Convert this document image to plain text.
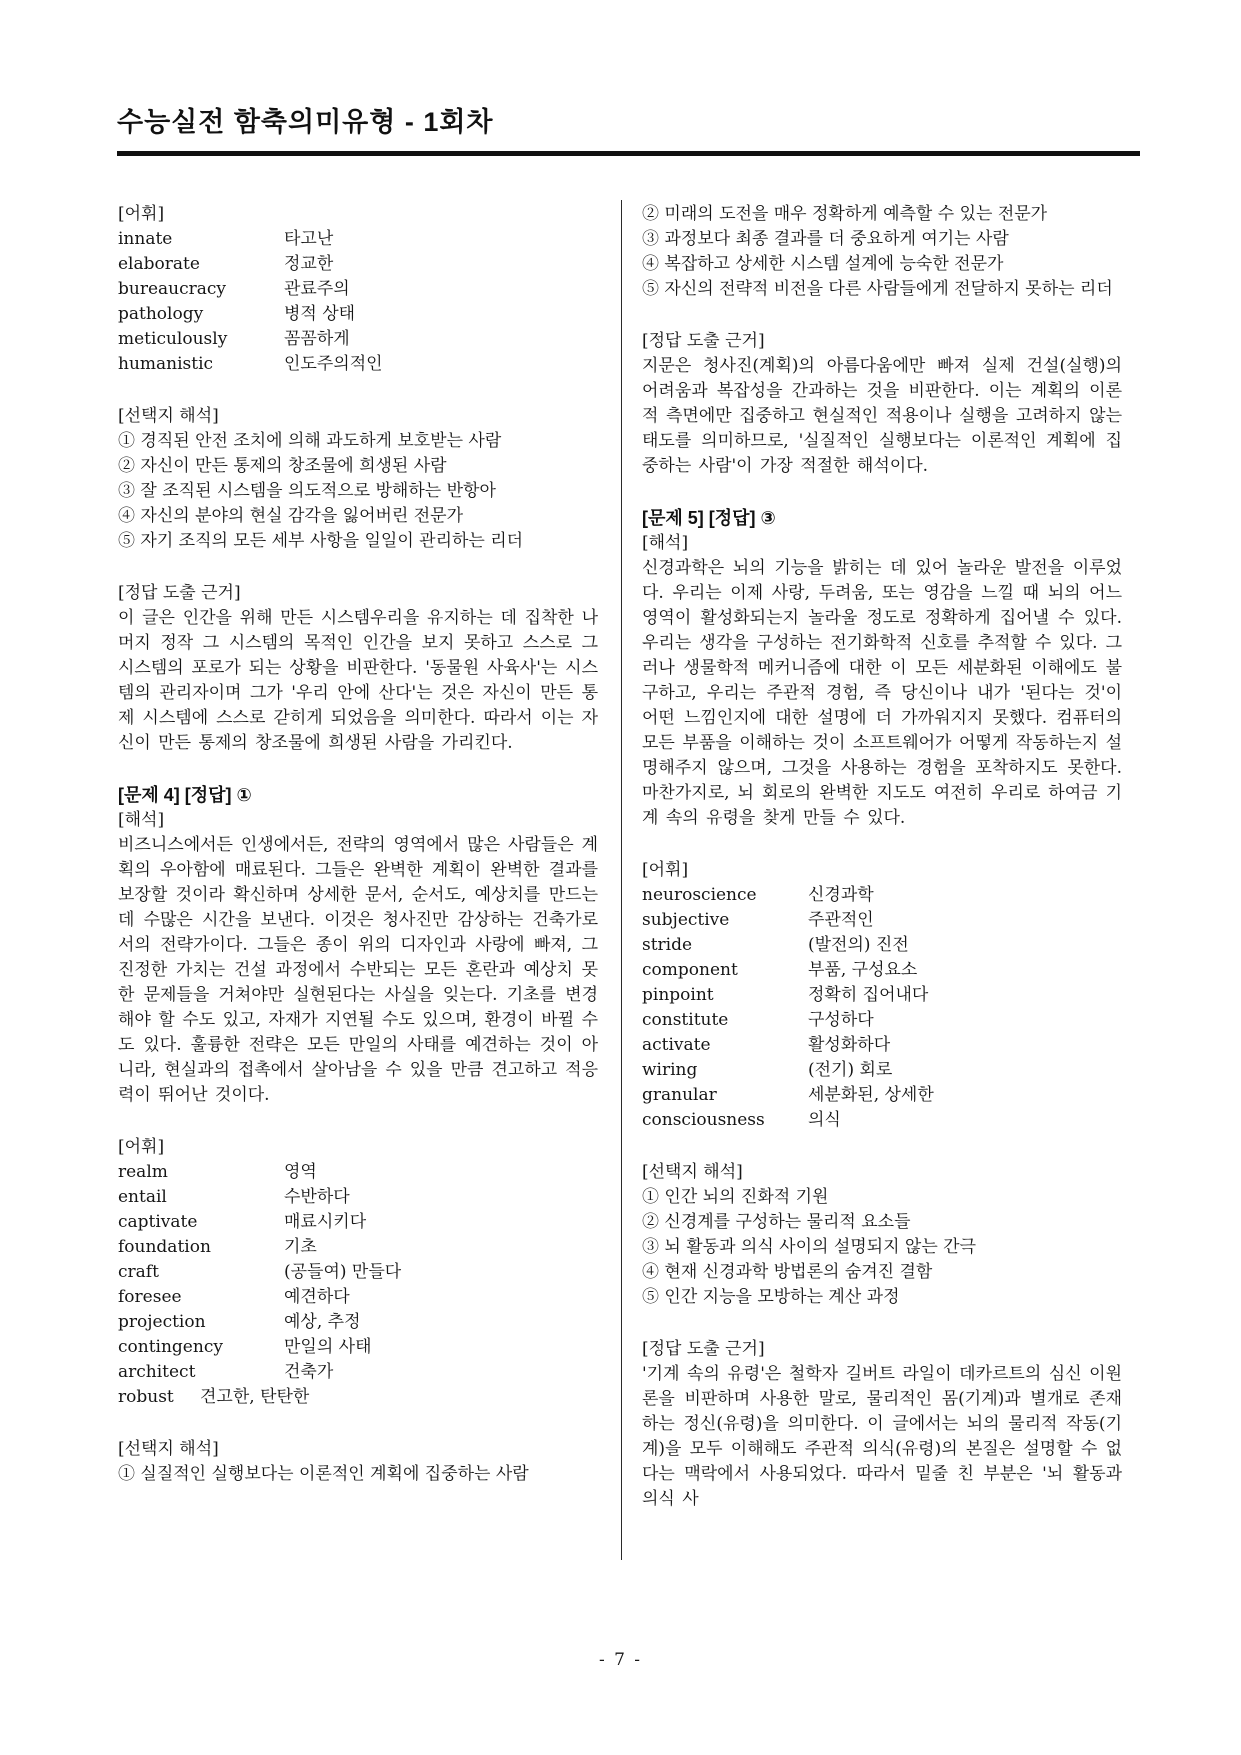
수능실전 함축의미유형 - 1회차
[어휘]
innate	타고난
elaborate	정교한
bureaucracy	관료주의
pathology	병적 상태
meticulously	꼼꼼하게
humanistic	인도주의적인
[선택지 해석]
① 경직된 안전 조치에 의해 과도하게 보호받는 사람
② 자신이 만든 통제의 창조물에 희생된 사람
③ 잘 조직된 시스템을 의도적으로 방해하는 반항아
④ 자신의 분야의 현실 감각을 잃어버린 전문가
⑤ 자기 조직의 모든 세부 사항을 일일이 관리하는 리더
[정답 도출 근거]
이 글은 인간을 위해 만든 시스템우리을 유지하는 데 집착한 나머지 정작 그 시스템의 목적인 인간을 보지 못하고 스스로 그 시스템의 포로가 되는 상황을 비판한다. '동물원 사육사'는 시스템의 관리자이며 그가 '우리 안에 산다'는 것은 자신이 만든 통제 시스템에 스스로 갇히게 되었음을 의미한다. 따라서 이는 자신이 만든 통제의 창조물에 희생된 사람을 가리킨다.
[문제 4] [정답] ①
[해석]
비즈니스에서든 인생에서든, 전략의 영역에서 많은 사람들은 계획의 우아함에 매료된다. 그들은 완벽한 계획이 완벽한 결과를 보장할 것이라 확신하며 상세한 문서, 순서도, 예상치를 만드는 데 수많은 시간을 보낸다. 이것은 청사진만 감상하는 건축가로서의 전략가이다. 그들은 종이 위의 디자인과 사랑에 빠져, 그 진정한 가치는 건설 과정에서 수반되는 모든 혼란과 예상치 못한 문제들을 거쳐야만 실현된다는 사실을 잊는다. 기초를 변경해야 할 수도 있고, 자재가 지연될 수도 있으며, 환경이 바뀔 수도 있다. 훌륭한 전략은 모든 만일의 사태를 예견하는 것이 아니라, 현실과의 접촉에서 살아남을 수 있을 만큼 견고하고 적응력이 뛰어난 것이다.
[어휘]
realm	영역
entail	수반하다
captivate	매료시키다
foundation	기초
craft	(공들여) 만들다
foresee	예견하다
projection	예상, 추정
contingency	만일의 사태
architect	건축가
robust	견고한, 탄탄한
[선택지 해석]
① 실질적인 실행보다는 이론적인 계획에 집중하는 사람
② 미래의 도전을 매우 정확하게 예측할 수 있는 전문가
③ 과정보다 최종 결과를 더 중요하게 여기는 사람
④ 복잡하고 상세한 시스템 설계에 능숙한 전문가
⑤ 자신의 전략적 비전을 다른 사람들에게 전달하지 못하는 리더
[정답 도출 근거]
지문은 청사진(계획)의 아름다움에만 빠져 실제 건설(실행)의 어려움과 복잡성을 간과하는 것을 비판한다. 이는 계획의 이론적 측면에만 집중하고 현실적인 적용이나 실행을 고려하지 않는 태도를 의미하므로, '실질적인 실행보다는 이론적인 계획에 집중하는 사람'이 가장 적절한 해석이다.
[문제 5] [정답] ③
[해석]
신경과학은 뇌의 기능을 밝히는 데 있어 놀라운 발전을 이루었다. 우리는 이제 사랑, 두려움, 또는 영감을 느낄 때 뇌의 어느 영역이 활성화되는지 놀라울 정도로 정확하게 집어낼 수 있다. 우리는 생각을 구성하는 전기화학적 신호를 추적할 수 있다. 그러나 생물학적 메커니즘에 대한 이 모든 세분화된 이해에도 불구하고, 우리는 주관적 경험, 즉 당신이나 내가 '된다는 것'이 어떤 느낌인지에 대한 설명에 더 가까워지지 못했다. 컴퓨터의 모든 부품을 이해하는 것이 소프트웨어가 어떻게 작동하는지 설명해주지 않으며, 그것을 사용하는 경험을 포착하지도 못한다. 마찬가지로, 뇌 회로의 완벽한 지도도 여전히 우리로 하여금 기계 속의 유령을 찾게 만들 수 있다.
[어휘]
neuroscience	신경과학
subjective	주관적인
stride	(발전의) 진전
component	부품, 구성요소
pinpoint	정확히 집어내다
constitute	구성하다
activate	활성화하다
wiring	(전기) 회로
granular	세분화된, 상세한
consciousness	의식
[선택지 해석]
① 인간 뇌의 진화적 기원
② 신경계를 구성하는 물리적 요소들
③ 뇌 활동과 의식 사이의 설명되지 않는 간극
④ 현재 신경과학 방법론의 숨겨진 결함
⑤ 인간 지능을 모방하는 계산 과정
[정답 도출 근거]
'기계 속의 유령'은 철학자 길버트 라일이 데카르트의 심신 이원론을 비판하며 사용한 말로, 물리적인 몸(기계)과 별개로 존재하는 정신(유령)을 의미한다. 이 글에서는 뇌의 물리적 작동(기계)을 모두 이해해도 주관적 의식(유령)의 본질은 설명할 수 없다는 맥락에서 사용되었다. 따라서 밑줄 친 부분은 '뇌 활동과 의식 사
- 7 -
